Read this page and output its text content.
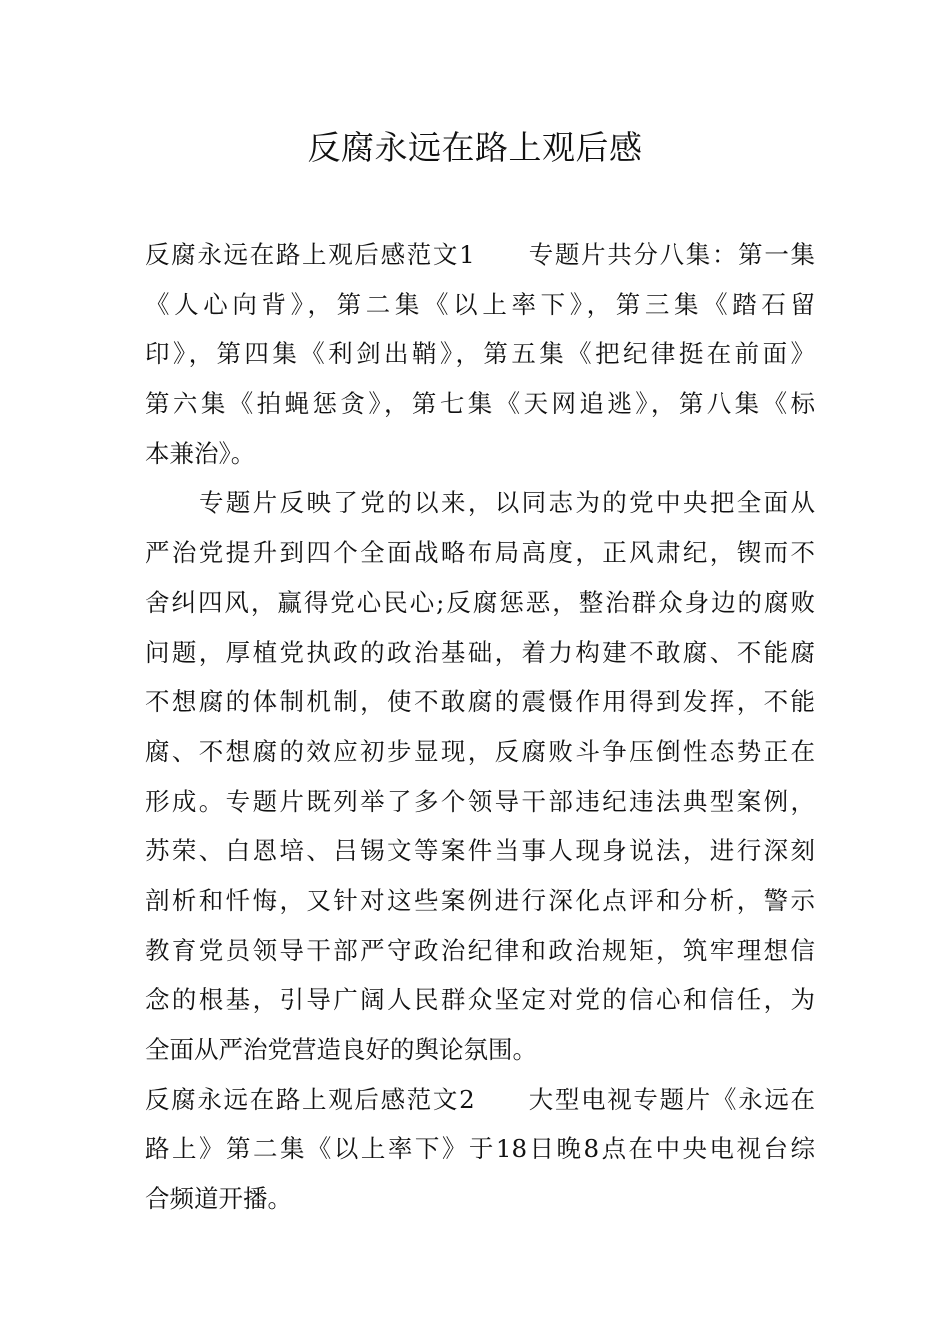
反腐永远在路上观后感
反腐永远在路上观后感范文1　　专题片共分八集：第一集
《人心向背》，第二集《以上率下》，第三集《踏石留
印》，第四集《利剑出鞘》，第五集《把纪律挺在前面》
第六集《拍蝇惩贪》，第七集《天网追逃》，第八集《标
本兼治》。
专题片反映了党的以来，以同志为的党中央把全面从
严治党提升到四个全面战略布局高度，正风肃纪，锲而不
舍纠四风，赢得党心民心;反腐惩恶，整治群众身边的腐败
问题，厚植党执政的政治基础，着力构建不敢腐、不能腐
不想腐的体制机制，使不敢腐的震慑作用得到发挥，不能
腐、不想腐的效应初步显现，反腐败斗争压倒性态势正在
形成。专题片既列举了多个领导干部违纪违法典型案例，
苏荣、白恩培、吕锡文等案件当事人现身说法，进行深刻
剖析和忏悔，又针对这些案例进行深化点评和分析，警示
教育党员领导干部严守政治纪律和政治规矩，筑牢理想信
念的根基，引导广阔人民群众坚定对党的信心和信任，为
全面从严治党营造良好的舆论氛围。
反腐永远在路上观后感范文2　　大型电视专题片《永远在
路上》第二集《以上率下》于18日晚8点在中央电视台综
合频道开播。
